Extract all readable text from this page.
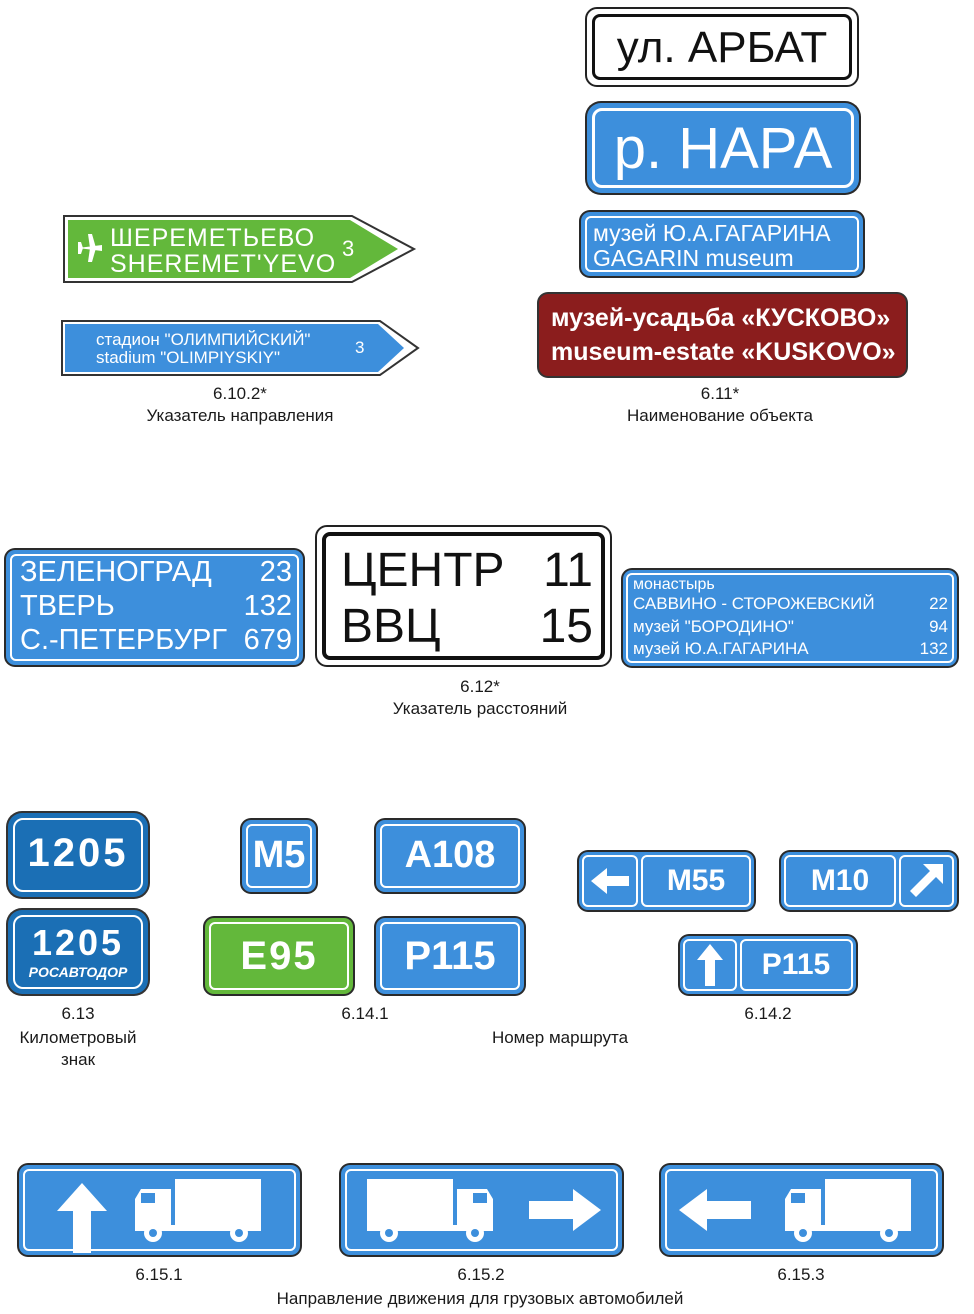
ШЕРЕМЕТЬЕВО
SHEREMET'YEVO
3
стадион "ОЛИМПИЙСКИЙ"
stadium "OLIMPIYSKIY"
3
6.10.2*
Указатель направления
ул. АРБАТ
р. НАРА
музей Ю.А.ГАГАРИНА
GAGARIN museum
музей-усадьба «КУСКОВО»
museum-estate «KUSKOVO»
6.11*
Наименование объекта
ЗЕЛЕНОГРАД 23
ТВЕРЬ	132
С.-ПЕТЕРБУРГ 679
ЦЕНТР 11
ВВЦ 15
монастырь
САВВИНО - СТОРОЖЕВСКИЙ	22
музей "БОРОДИНО"	94
музей Ю.А.ГАГАРИНА	132
6.12*
Указатель расстояний
1205
1205
РОСАВТОДОР
6.13
Километровый
знак
M5	A108
E95	P115
6.14.1
M55	M10
P115
6.14.2
Номер маршрута
6.15.1	6.15.2	6.15.3
Направление движения для грузовых автомобилей
